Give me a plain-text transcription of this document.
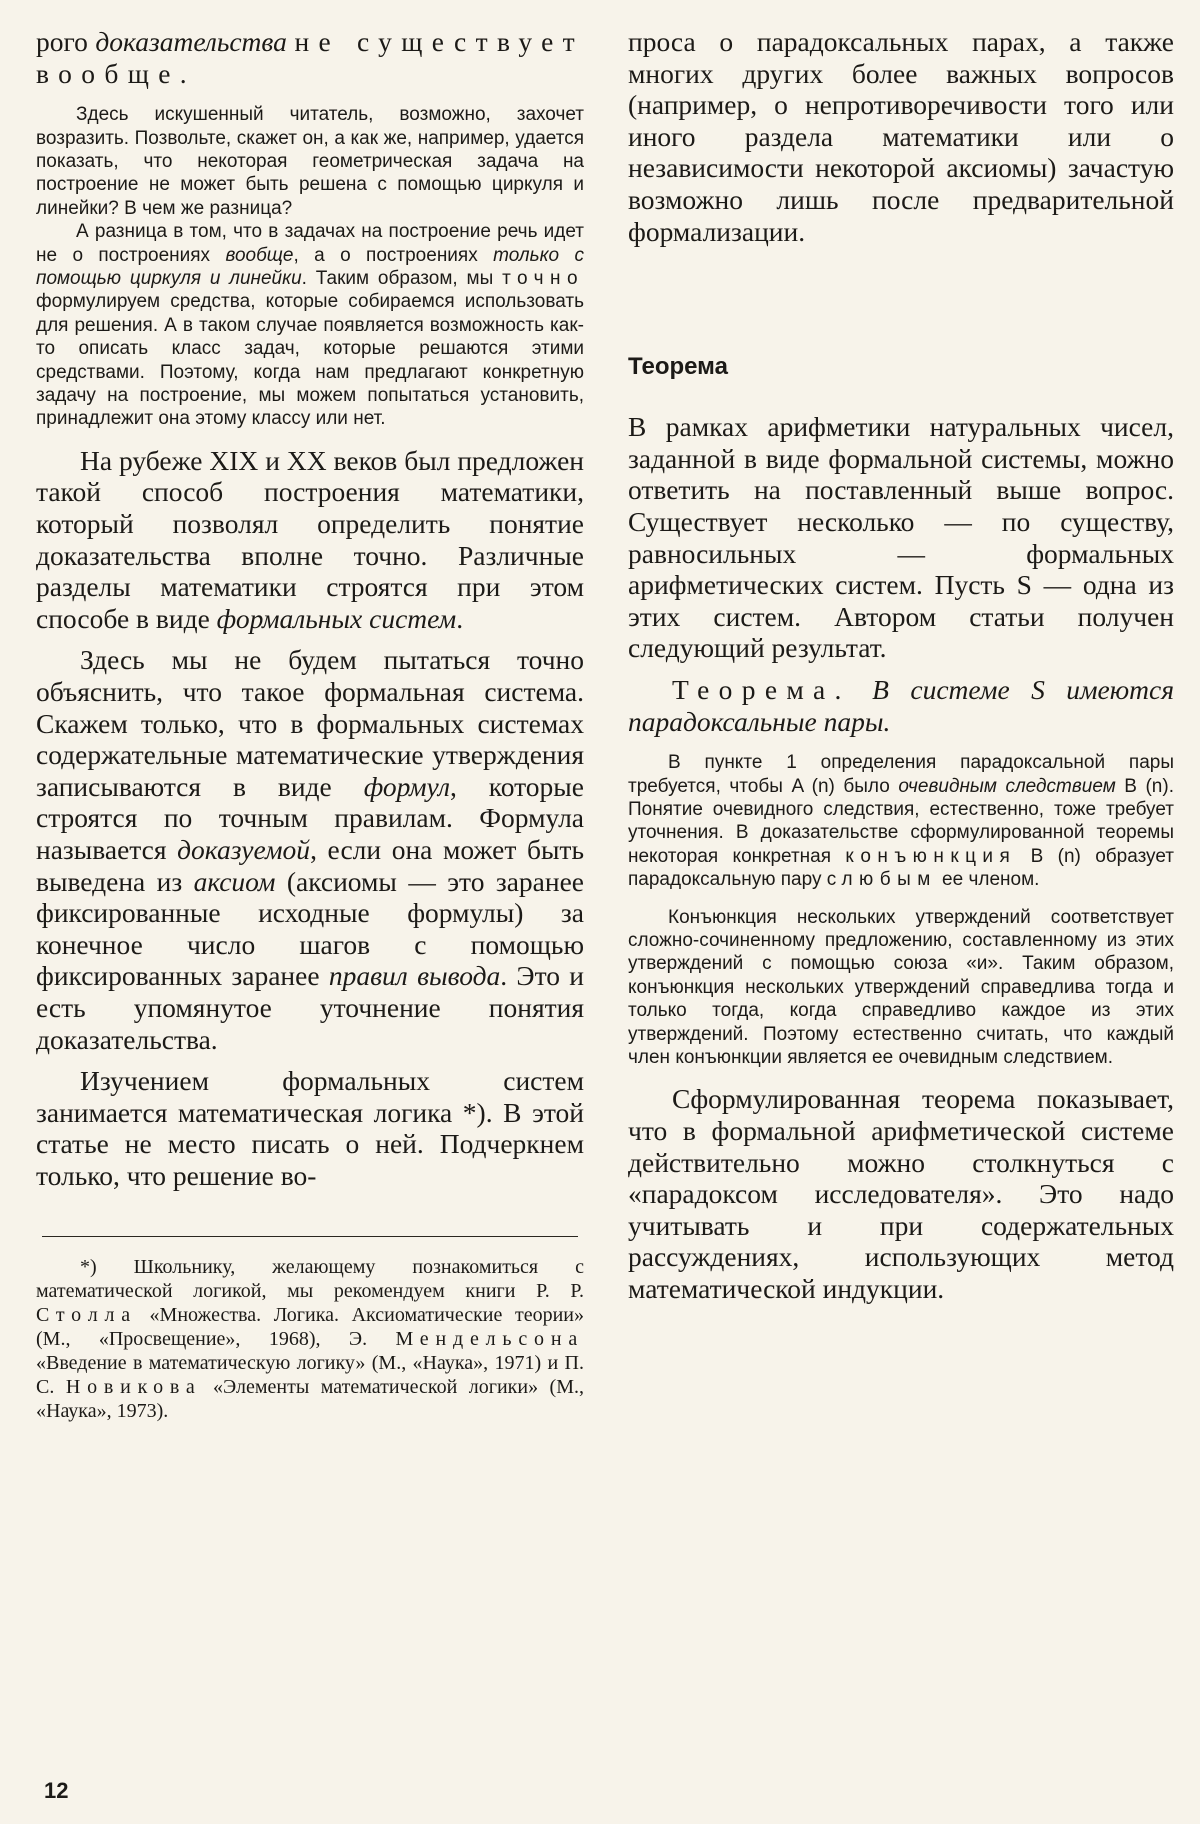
рого доказательства не существует вообще.

Здесь искушенный читатель, возможно, захочет возразить. Позвольте, скажет он, а как же, например, удается показать, что некоторая геометрическая задача на построение не может быть решена с помощью циркуля и линейки? В чем же разница?

А разница в том, что в задачах на построение речь идет не о построениях вообще, а о построениях только с помощью циркуля и линейки. Таким образом, мы точно формулируем средства, которые собираемся использовать для решения. А в таком случае появляется возможность как-то описать класс задач, которые решаются этими средствами. Поэтому, когда нам предлагают конкретную задачу на построение, мы можем попытаться установить, принадлежит она этому классу или нет.

На рубеже XIX и XX веков был предложен такой способ построения математики, который позволял определить понятие доказательства вполне точно. Различные разделы математики строятся при этом способе в виде формальных систем.

Здесь мы не будем пытаться точно объяснить, что такое формальная система. Скажем только, что в формальных системах содержательные математические утверждения записываются в виде формул, которые строятся по точным правилам. Формула называется доказуемой, если она может быть выведена из аксиом (аксиомы — это заранее фиксированные исходные формулы) за конечное число шагов с помощью фиксированных заранее правил вывода. Это и есть упомянутое уточнение понятия доказательства.

Изучением формальных систем занимается математическая логика *). В этой статье не место писать о ней. Подчеркнем только, что решение во-

*) Школьнику, желающему познакомиться с математической логикой, мы рекомендуем книги Р. Р. Столла «Множества. Логика. Аксиоматические теории» (М., «Просвещение», 1968), Э. Мендельсона «Введение в математическую логику» (М., «Наука», 1971) и П. С. Новикова «Элементы математической логики» (М., «Наука», 1973).

проса о парадоксальных парах, а также многих других более важных вопросов (например, о непротиворечивости того или иного раздела математики или о независимости некоторой аксиомы) зачастую возможно лишь после предварительной формализации.

Теорема

В рамках арифметики натуральных чисел, заданной в виде формальной системы, можно ответить на поставленный выше вопрос. Существует несколько — по существу, равносильных — формальных арифметических систем. Пусть S — одна из этих систем. Автором статьи получен следующий результат.

Теорема. В системе S имеются парадоксальные пары.

В пункте 1 определения парадоксальной пары требуется, чтобы A (n) было очевидным следствием B (n). Понятие очевидного следствия, естественно, тоже требует уточнения. В доказательстве сформулированной теоремы некоторая конкретная конъюнкция B (n) образует парадоксальную пару с любым ее членом.

Конъюнкция нескольких утверждений соответствует сложно-сочиненному предложению, составленному из этих утверждений с помощью союза «и». Таким образом, конъюнкция нескольких утверждений справедлива тогда и только тогда, когда справедливо каждое из этих утверждений. Поэтому естественно считать, что каждый член конъюнкции является ее очевидным следствием.

Сформулированная теорема показывает, что в формальной арифметической системе действительно можно столкнуться с «парадоксом исследователя». Это надо учитывать и при содержательных рассуждениях, использующих метод математической индукции.

12
